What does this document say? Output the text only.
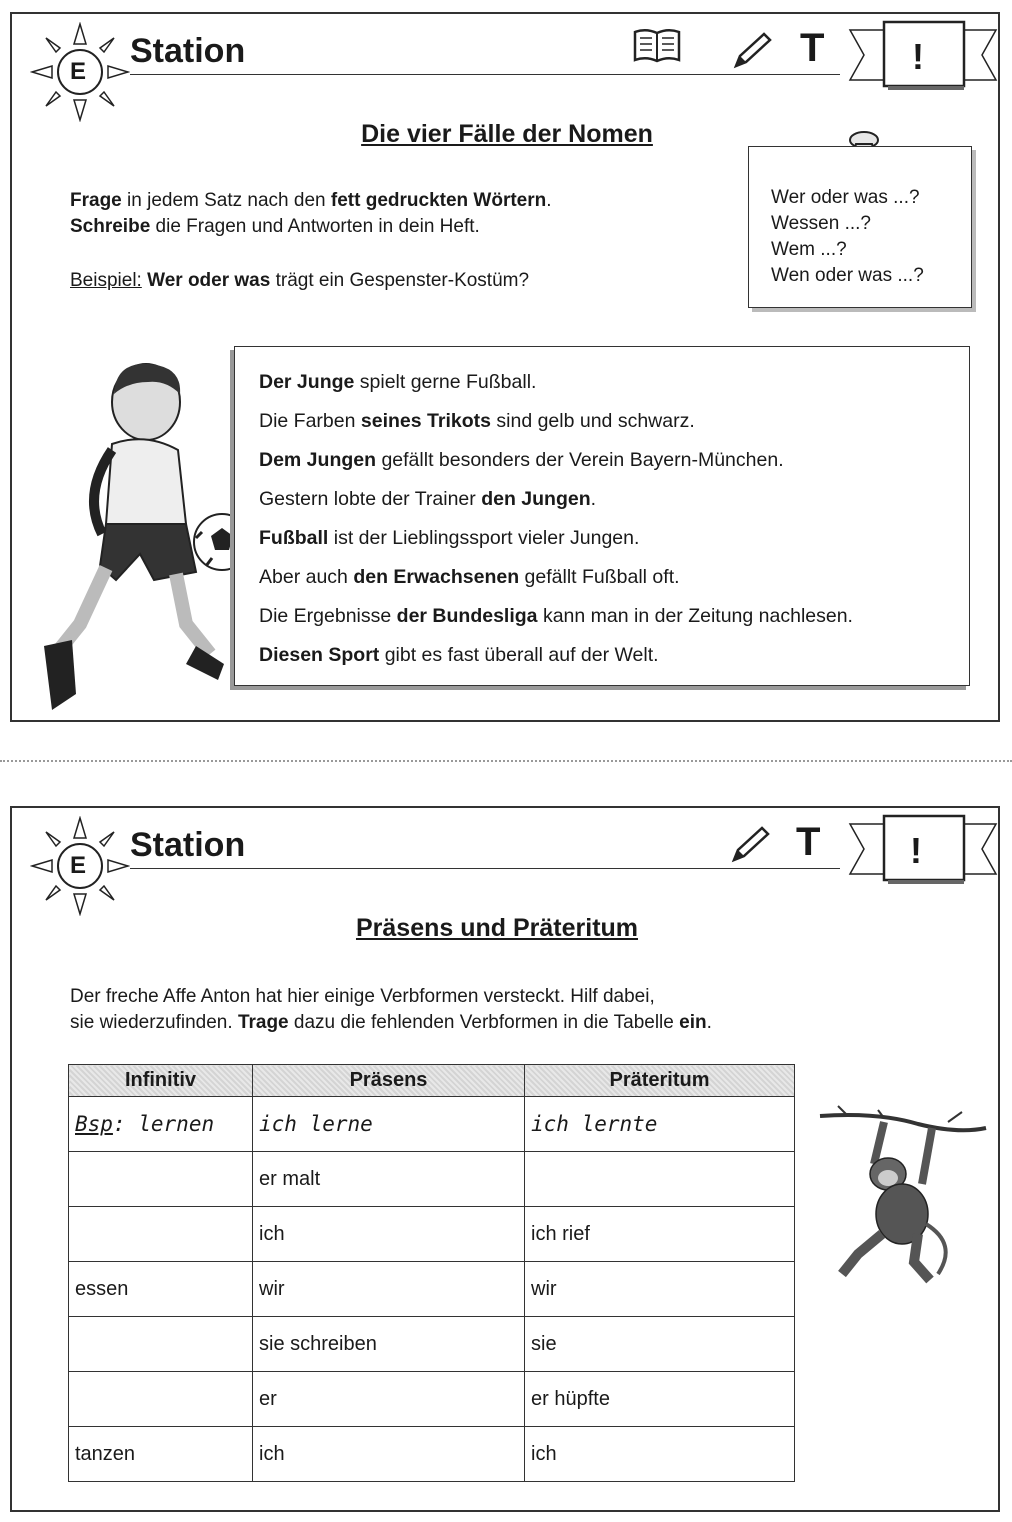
E
Station	T !
Die vier Fälle der Nomen
Frage in jedem Satz nach den fett gedruckten Wörtern.
Schreibe die Fragen und Antworten in dein Heft.
Beispiel: Wer oder was trägt ein Gespenster-Kostüm?
Wer oder was ...?
Wessen ...?
Wem ...?
Wen oder was ...?
Der Junge spielt gerne Fußball.
Die Farben seines Trikots sind gelb und schwarz.
Dem Jungen gefällt besonders der Verein Bayern-München.
Gestern lobte der Trainer den Jungen.
Fußball ist der Lieblingssport vieler Jungen.
Aber auch den Erwachsenen gefällt Fußball oft.
Die Ergebnisse der Bundesliga kann man in der Zeitung nachlesen.
Diesen Sport gibt es fast überall auf der Welt.
E
Station	T !
Präsens und Präteritum
Der freche Affe Anton hat hier einige Verbformen versteckt. Hilf dabei,
sie wiederzufinden. Trage dazu die fehlenden Verbformen in die Tabelle ein.
Infinitiv	Präsens	Präteritum
Bsp: lernen	ich lerne	ich lernte
	er malt	
	ich	ich rief
essen	wir	wir
	sie schreiben	sie
	er	er hüpfte
tanzen	ich	ich
